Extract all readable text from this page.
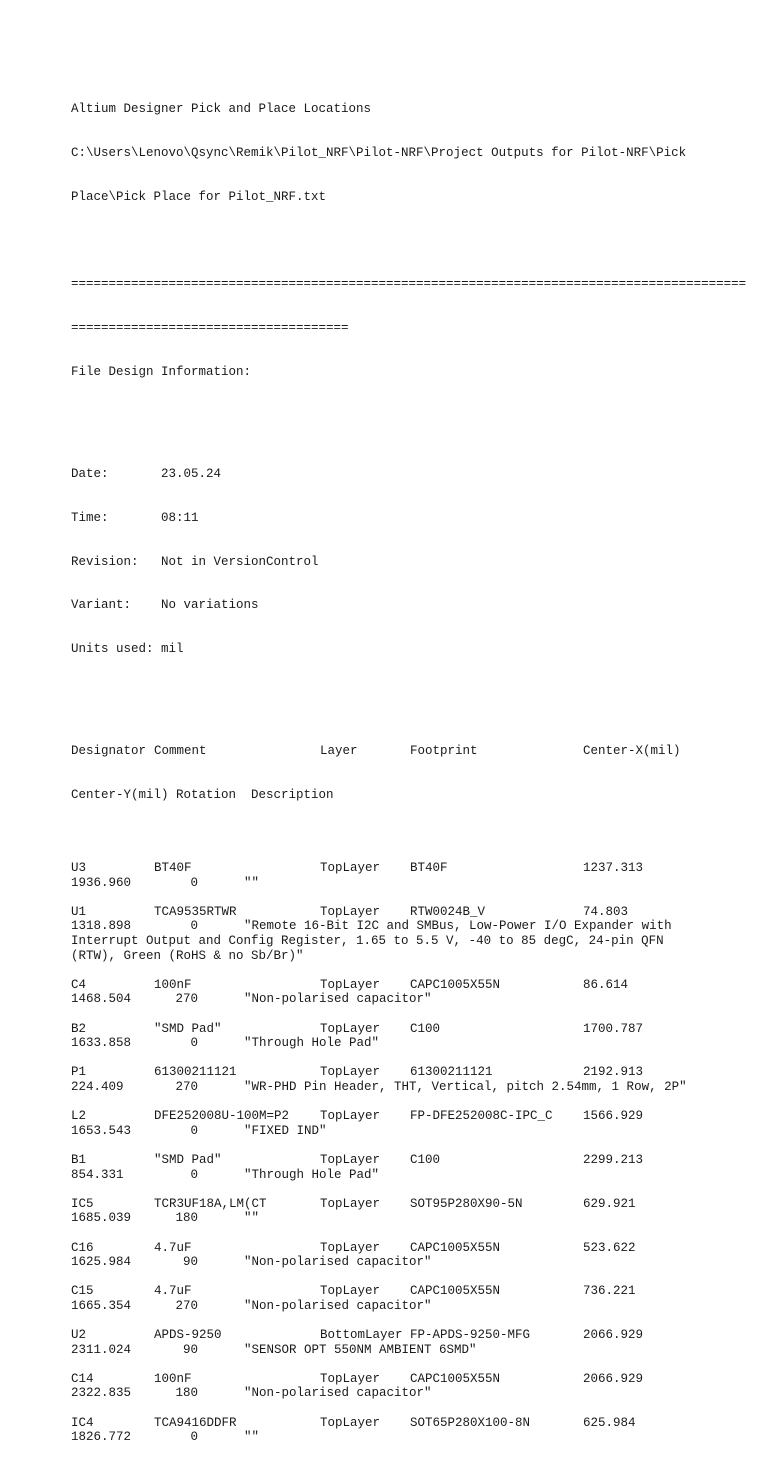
Altium Designer Pick and Place Locations

C:\Users\Lenovo\Qsync\Remik\Pilot_NRF\Pilot-NRF\Project Outputs for Pilot-NRF\Pick

Place\Pick Place for Pilot_NRF.txt

==========================================================================================

=====================================

File Design Information:

Date:	23.05.24

Time:	08:11

Revision: Not in VersionControl

Variant: No variations

Units used: mil

Designator Comment	Layer	Footprint	Center-X(mil)

Center-Y(mil) Rotation Description

U3	BT40F	TopLayer BT40F	1237.313
1936.960	0	""
U1	TCA9535RTWR	TopLayer RTW0024B_V	74.803
1318.898	0	"Remote 16-Bit I2C and SMBus, Low-Power I/O Expander with
Interrupt Output and Config Register, 1.65 to 5.5 V, -40 to 85 degC, 24-pin QFN
(RTW), Green (RoHS & no Sb/Br)"
C4	100nF	TopLayer CAPC1005X55N	86.614
1468.504	270	"Non-polarised capacitor"
B2	"SMD Pad"	TopLayer C100	1700.787
1633.858	0	"Through Hole Pad"
P1	61300211121	TopLayer 61300211121	2192.913
224.409	270	"WR-PHD Pin Header, THT, Vertical, pitch 2.54mm, 1 Row, 2P"
L2	DFE252008U-100M=P2 TopLayer FP-DFE252008C-IPC_C 1566.929
1653.543	0	"FIXED IND"
B1	"SMD Pad"	TopLayer C100	2299.213
854.331	0	"Through Hole Pad"
IC5	TCR3UF18A,LM(CT	TopLayer SOT95P280X90-5N	629.921
1685.039	180	""
C16	4.7uF	TopLayer CAPC1005X55N	523.622
1625.984	90	"Non-polarised capacitor"
C15	4.7uF	TopLayer CAPC1005X55N	736.221
1665.354	270	"Non-polarised capacitor"
U2	APDS-9250	BottomLayer FP-APDS-9250-MFG	2066.929
2311.024	90	"SENSOR OPT 550NM AMBIENT 6SMD"
C14	100nF	TopLayer CAPC1005X55N	2066.929
2322.835	180	"Non-polarised capacitor"
IC4	TCA9416DDFR	TopLayer SOT65P280X100-8N	625.984
1826.772	0	""
